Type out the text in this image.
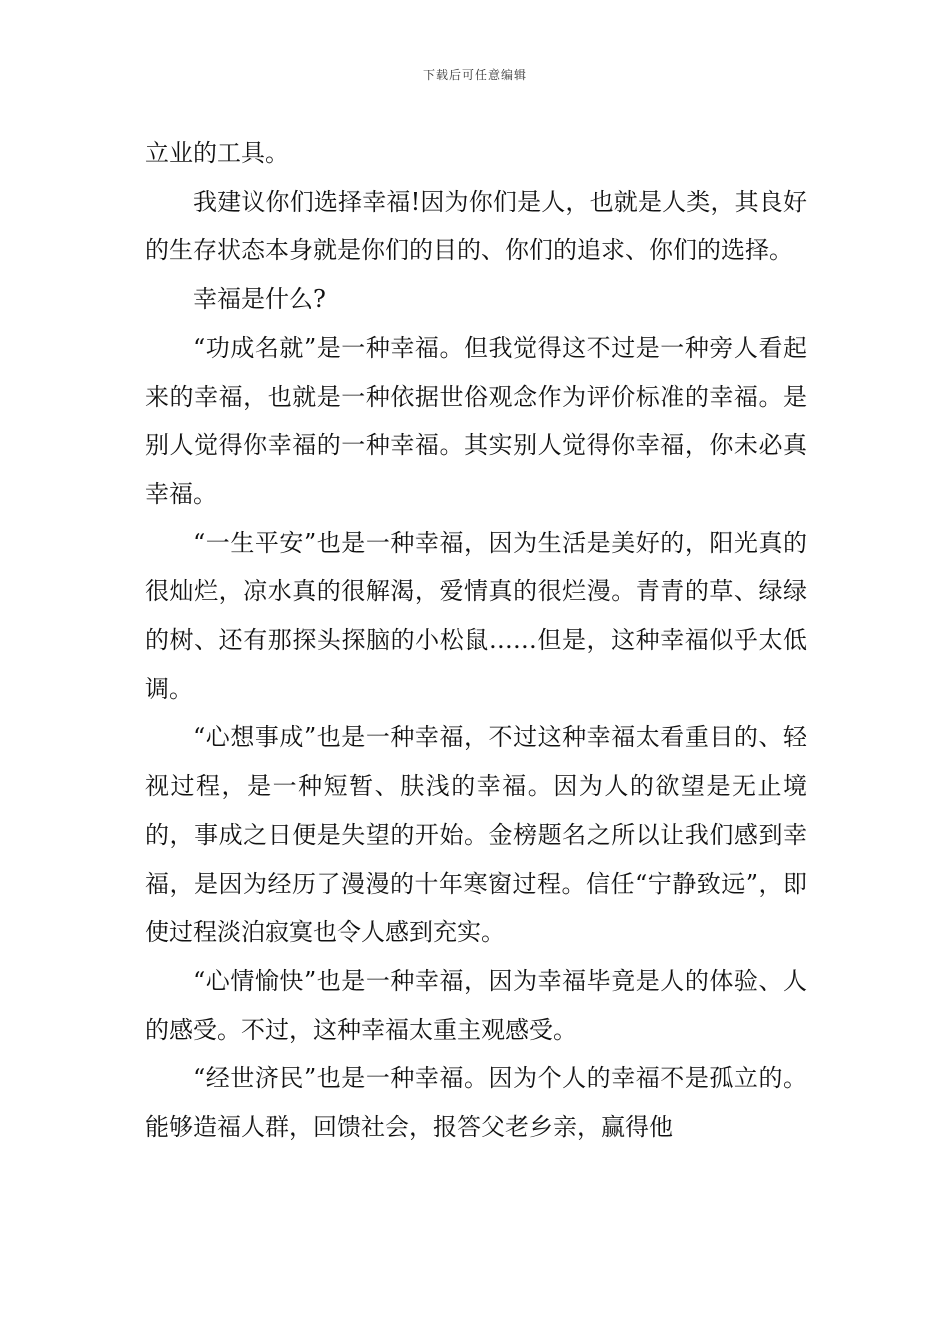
下载后可任意编辑

立业的工具。

我建议你们选择幸福!因为你们是人，也就是人类，其良好的生存状态本身就是你们的目的、你们的追求、你们的选择。

幸福是什么?

“功成名就”是一种幸福。但我觉得这不过是一种旁人看起来的幸福，也就是一种依据世俗观念作为评价标准的幸福。是别人觉得你幸福的一种幸福。其实别人觉得你幸福，你未必真幸福。

“一生平安”也是一种幸福，因为生活是美好的，阳光真的很灿烂，凉水真的很解渴，爱情真的很烂漫。青青的草、绿绿的树、还有那探头探脑的小松鼠……但是，这种幸福似乎太低调。

“心想事成”也是一种幸福，不过这种幸福太看重目的、轻视过程，是一种短暂、肤浅的幸福。因为人的欲望是无止境的，事成之日便是失望的开始。金榜题名之所以让我们感到幸福，是因为经历了漫漫的十年寒窗过程。信任“宁静致远”，即使过程淡泊寂寞也令人感到充实。

“心情愉快”也是一种幸福，因为幸福毕竟是人的体验、人的感受。不过，这种幸福太重主观感受。

“经世济民”也是一种幸福。因为个人的幸福不是孤立的。能够造福人群，回馈社会，报答父老乡亲，赢得他
